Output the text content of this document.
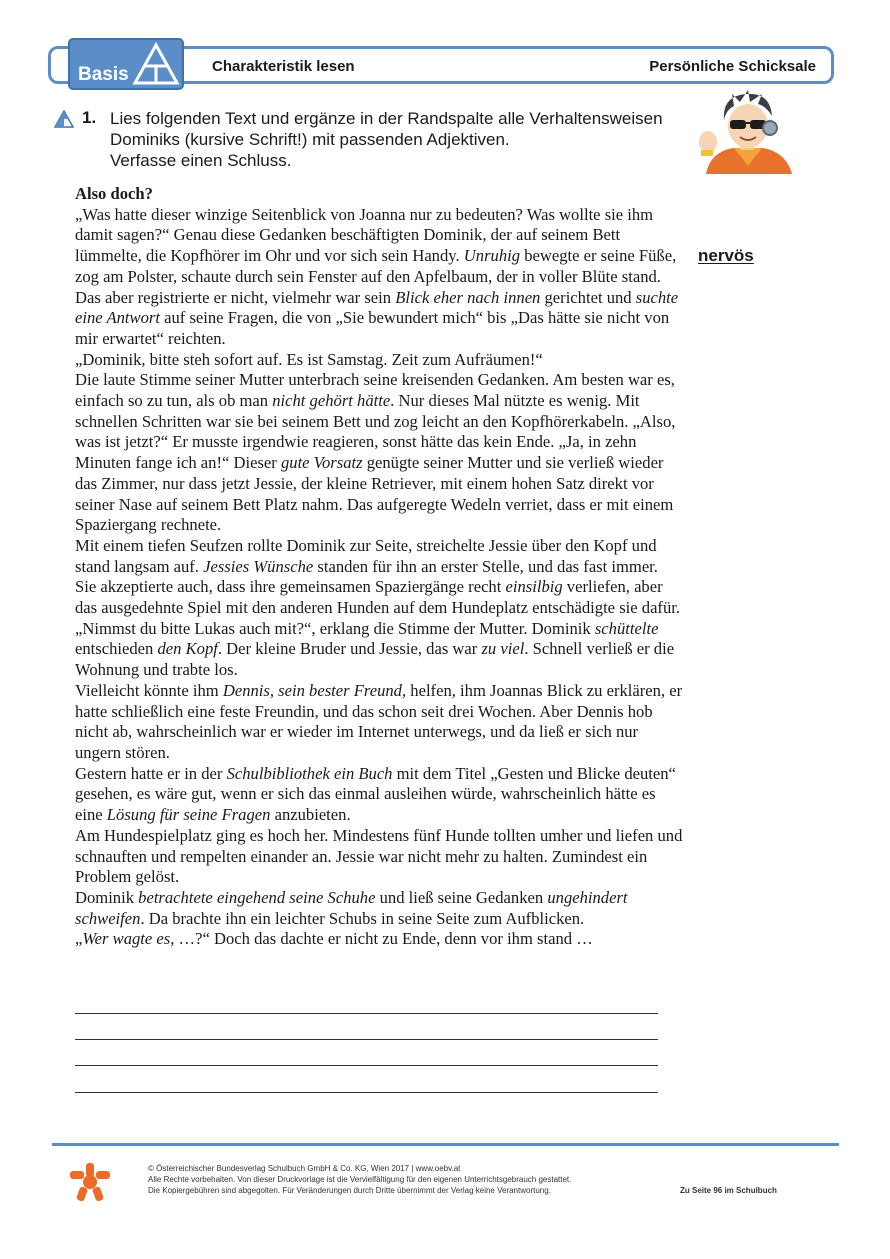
Basis	Charakteristik lesen	Persönliche Schicksale
1. Lies folgenden Text und ergänze in der Randspalte alle Verhaltensweisen
Dominiks (kursive Schrift!) mit passenden Adjektiven.
Verfasse einen Schluss.
Also doch?

„Was hatte dieser winzige Seitenblick von Joanna nur zu bedeuten? Was wollte sie ihm damit sagen?“ Genau diese Gedanken beschäftigten Dominik, der auf seinem Bett lümmelte, die Kopfhörer im Ohr und vor sich sein Handy. Unruhig bewegte er seine Füße, zog am Polster, schaute durch sein Fenster auf den Apfelbaum, der in voller Blüte stand. Das aber registrierte er nicht, vielmehr war sein Blick eher nach innen gerichtet und suchte eine Antwort auf seine Fragen, die von „Sie bewundert mich“ bis „Das hätte sie nicht von mir erwartet“ reichten.

„Dominik, bitte steh sofort auf. Es ist Samstag. Zeit zum Aufräumen!“

Die laute Stimme seiner Mutter unterbrach seine kreisenden Gedanken. Am besten war es, einfach so zu tun, als ob man nicht gehört hätte. Nur dieses Mal nützte es wenig. Mit schnellen Schritten war sie bei seinem Bett und zog leicht an den Kopfhörerkabeln. „Also, was ist jetzt?“ Er musste irgendwie reagieren, sonst hätte das kein Ende. „Ja, in zehn Minuten fange ich an!“ Dieser gute Vorsatz genügte seiner Mutter und sie verließ wieder das Zimmer, nur dass jetzt Jessie, der kleine Retriever, mit einem hohen Satz direkt vor seiner Nase auf seinem Bett Platz nahm. Das aufgeregte Wedeln verriet, dass er mit einem Spaziergang rechnete.

Mit einem tiefen Seufzen rollte Dominik zur Seite, streichelte Jessie über den Kopf und stand langsam auf. Jessies Wünsche standen für ihn an erster Stelle, und das fast immer.

Sie akzeptierte auch, dass ihre gemeinsamen Spaziergänge recht einsilbig verliefen, aber das ausgedehnte Spiel mit den anderen Hunden auf dem Hundeplatz entschädigte sie dafür.

„Nimmst du bitte Lukas auch mit?“, erklang die Stimme der Mutter. Dominik schüttelte entschieden den Kopf. Der kleine Bruder und Jessie, das war zu viel. Schnell verließ er die Wohnung und trabte los.

Vielleicht könnte ihm Dennis, sein bester Freund, helfen, ihm Joannas Blick zu erklären, er hatte schließlich eine feste Freundin, und das schon seit drei Wochen. Aber Dennis hob nicht ab, wahrscheinlich war er wieder im Internet unterwegs, und da ließ er sich nur ungern stören.

Gestern hatte er in der Schulbibliothek ein Buch mit dem Titel „Gesten und Blicke deuten“ gesehen, es wäre gut, wenn er sich das einmal ausleihen würde, wahrscheinlich hätte es eine Lösung für seine Fragen anzubieten.

Am Hundespielplatz ging es hoch her. Mindestens fünf Hunde tollten umher und liefen und schnauften und rempelten einander an. Jessie war nicht mehr zu halten. Zumindest ein Problem gelöst.

Dominik betrachtete eingehend seine Schuhe und ließ seine Gedanken ungehindert schweifen. Da brachte ihn ein leichter Schubs in seine Seite zum Aufblicken.

„Wer wagte es, …?“ Doch das dachte er nicht zu Ende, denn vor ihm stand …

nervös
© Österreichischer Bundesverlag Schulbuch GmbH & Co. KG, Wien 2017 | www.oebv.at
Alle Rechte vorbehalten. Von dieser Druckvorlage ist die Vervielfältigung für den eigenen Unterrichtsgebrauch gestattet.
Die Kopiergebühren sind abgegolten. Für Veränderungen durch Dritte übernimmt der Verlag keine Verantwortung.	Zu Seite 96 im Schulbuch
